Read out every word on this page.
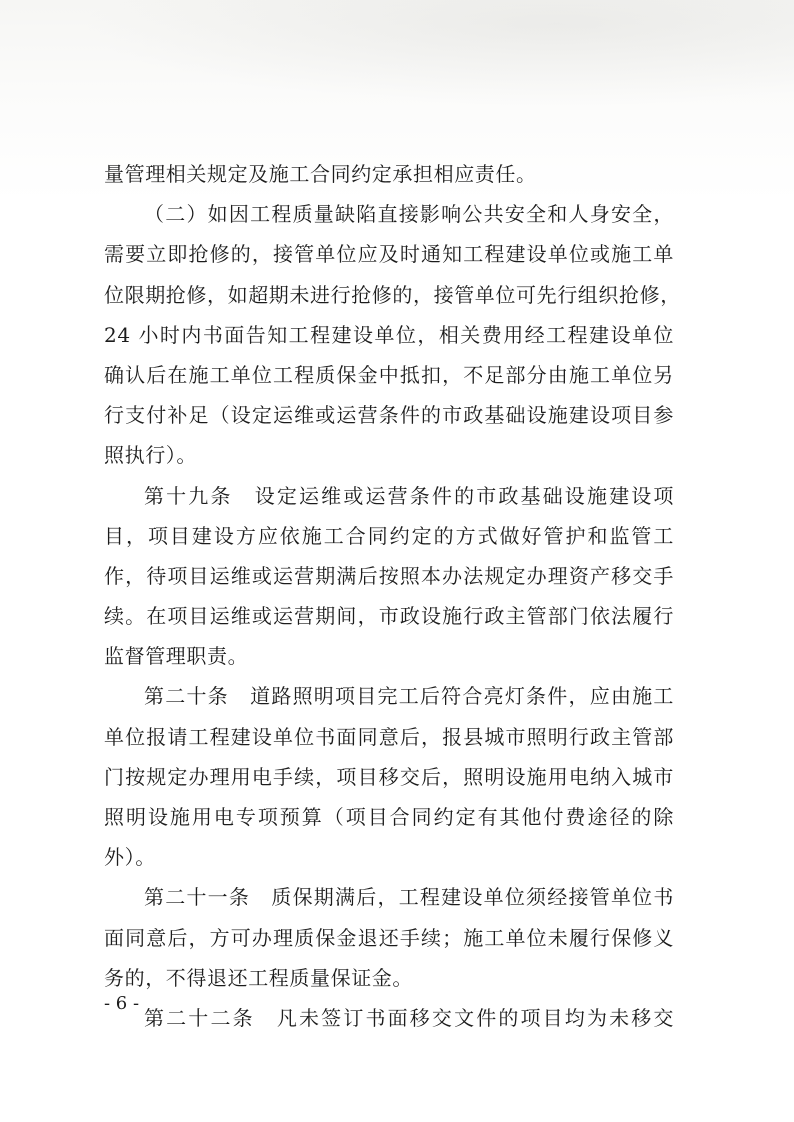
量管理相关规定及施工合同约定承担相应责任。
（二）如因工程质量缺陷直接影响公共安全和人身安全，
需要立即抢修的，接管单位应及时通知工程建设单位或施工单
位限期抢修，如超期未进行抢修的，接管单位可先行组织抢修，
24 小时内书面告知工程建设单位，相关费用经工程建设单位
确认后在施工单位工程质保金中抵扣，不足部分由施工单位另
行支付补足（设定运维或运营条件的市政基础设施建设项目参
照执行）。
第十九条　设定运维或运营条件的市政基础设施建设项
目，项目建设方应依施工合同约定的方式做好管护和监管工
作，待项目运维或运营期满后按照本办法规定办理资产移交手
续。在项目运维或运营期间，市政设施行政主管部门依法履行
监督管理职责。
第二十条　道路照明项目完工后符合亮灯条件，应由施工
单位报请工程建设单位书面同意后，报县城市照明行政主管部
门按规定办理用电手续，项目移交后，照明设施用电纳入城市
照明设施用电专项预算（项目合同约定有其他付费途径的除
外）。
第二十一条　质保期满后，工程建设单位须经接管单位书
面同意后，方可办理质保金退还手续；施工单位未履行保修义
务的，不得退还工程质量保证金。
第二十二条　凡未签订书面移交文件的项目均为未移交
- 6 -
